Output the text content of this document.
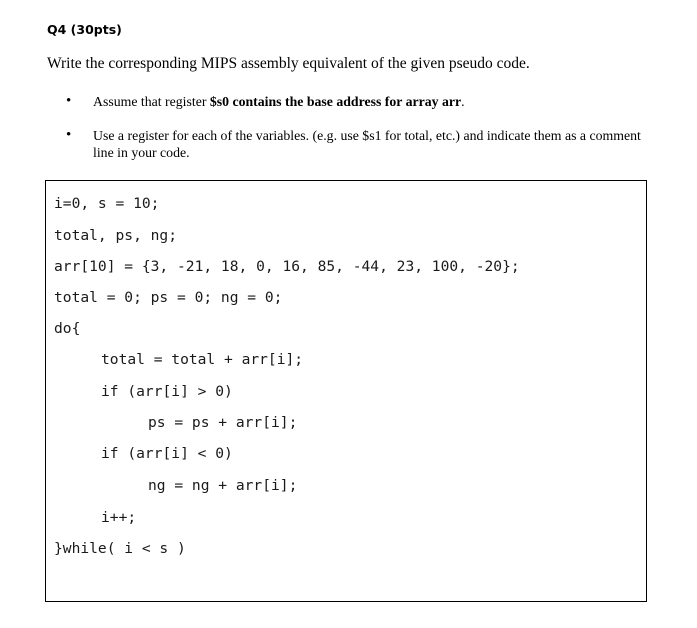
Q4 (30pts)
Write the corresponding MIPS assembly equivalent of the given pseudo code.
• Assume that register $s0 contains the base address for array arr.
• Use a register for each of the variables. (e.g. use $s1 for total, etc.) and indicate them as a comment line in your code.
i=0, s = 10;
total, ps, ng;
arr[10] = {3, -21, 18, 0, 16, 85, -44, 23, 100, -20};
total = 0; ps = 0; ng = 0;
do{
total = total + arr[i];
if (arr[i] > 0)
ps = ps + arr[i];
if (arr[i] < 0)
ng = ng + arr[i];
i++;
}while( i < s )
